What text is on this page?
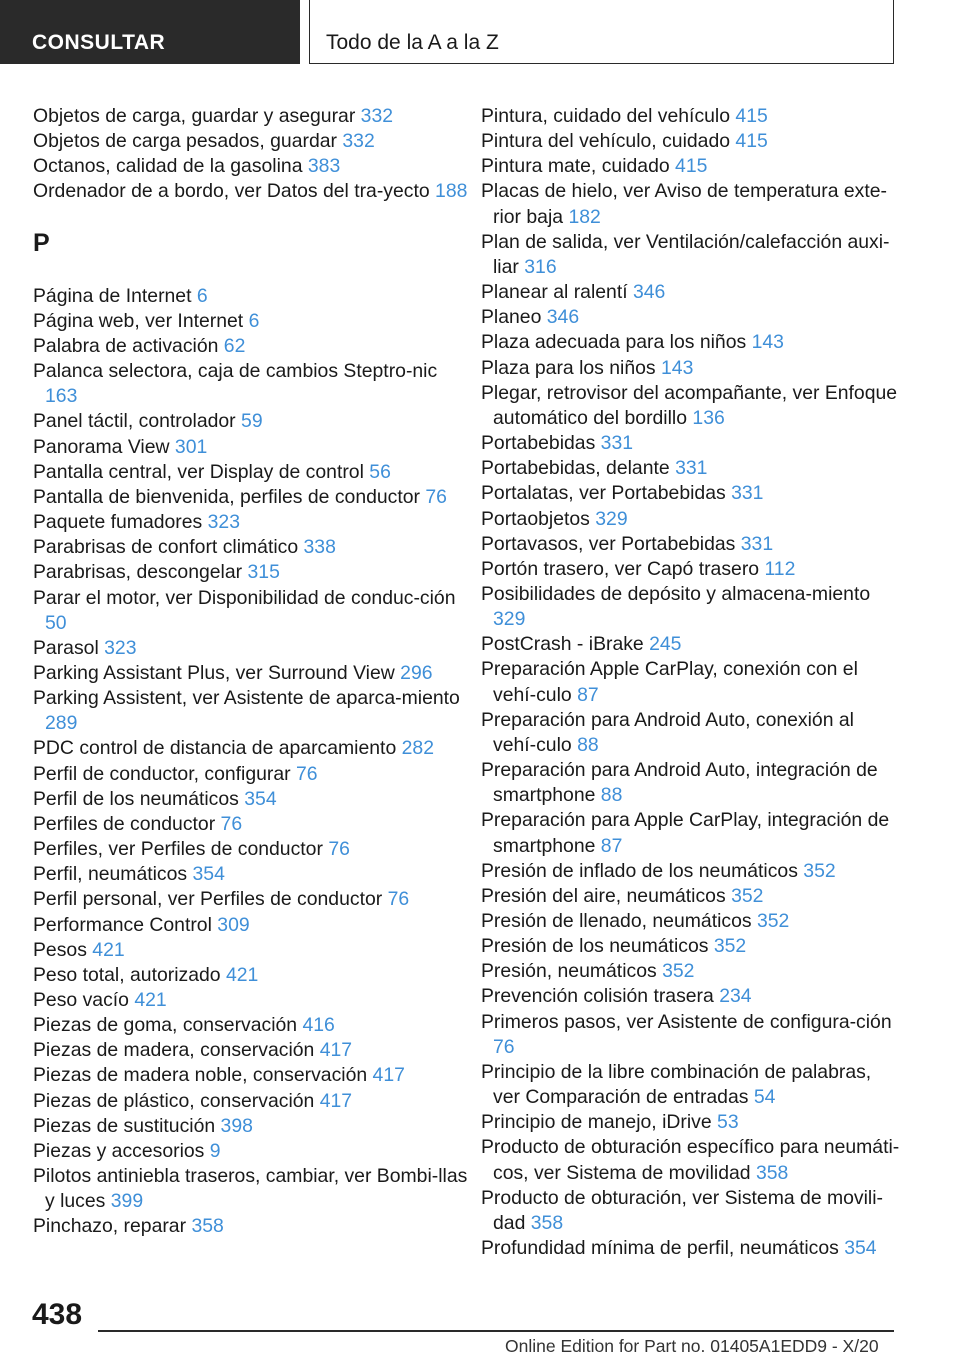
CONSULTAR	Todo de la A a la Z
Objetos de carga, guardar y asegurar 332
Objetos de carga pesados, guardar 332
Octanos, calidad de la gasolina 383
Ordenador de a bordo, ver Datos del tra-yecto 188
P
Página de Internet 6
Página web, ver Internet 6
Palabra de activación 62
Palanca selectora, caja de cambios Steptro-nic 163
Panel táctil, controlador 59
Panorama View 301
Pantalla central, ver Display de control 56
Pantalla de bienvenida, perfiles de conductor 76
Paquete fumadores 323
Parabrisas de confort climático 338
Parabrisas, descongelar 315
Parar el motor, ver Disponibilidad de conduc-ción 50
Parasol 323
Parking Assistant Plus, ver Surround View 296
Parking Assistent, ver Asistente de aparca-miento 289
PDC control de distancia de aparcamiento 282
Perfil de conductor, configurar 76
Perfil de los neumáticos 354
Perfiles de conductor 76
Perfiles, ver Perfiles de conductor 76
Perfil, neumáticos 354
Perfil personal, ver Perfiles de conductor 76
Performance Control 309
Pesos 421
Peso total, autorizado 421
Peso vacío 421
Piezas de goma, conservación 416
Piezas de madera, conservación 417
Piezas de madera noble, conservación 417
Piezas de plástico, conservación 417
Piezas de sustitución 398
Piezas y accesorios 9
Pilotos antiniebla traseros, cambiar, ver Bombi-llas y luces 399
Pinchazo, reparar 358
Pintura, cuidado del vehículo 415
Pintura del vehículo, cuidado 415
Pintura mate, cuidado 415
Placas de hielo, ver Aviso de temperatura exte-rior baja 182
Plan de salida, ver Ventilación/calefacción auxi-liar 316
Planear al ralentí 346
Planeo 346
Plaza adecuada para los niños 143
Plaza para los niños 143
Plegar, retrovisor del acompañante, ver Enfoque automático del bordillo 136
Portabebidas 331
Portabebidas, delante 331
Portalatas, ver Portabebidas 331
Portaobjetos 329
Portavasos, ver Portabebidas 331
Portón trasero, ver Capó trasero 112
Posibilidades de depósito y almacena-miento 329
PostCrash - iBrake 245
Preparación Apple CarPlay, conexión con el vehí-culo 87
Preparación para Android Auto, conexión al vehí-culo 88
Preparación para Android Auto, integración de smartphone 88
Preparación para Apple CarPlay, integración de smartphone 87
Presión de inflado de los neumáticos 352
Presión del aire, neumáticos 352
Presión de llenado, neumáticos 352
Presión de los neumáticos 352
Presión, neumáticos 352
Prevención colisión trasera 234
Primeros pasos, ver Asistente de configura-ción 76
Principio de la libre combinación de palabras, ver Comparación de entradas 54
Principio de manejo, iDrive 53
Producto de obturación específico para neumáti-cos, ver Sistema de movilidad 358
Producto de obturación, ver Sistema de movili-dad 358
Profundidad mínima de perfil, neumáticos 354
438
Online Edition for Part no. 01405A1EDD9 - X/20
